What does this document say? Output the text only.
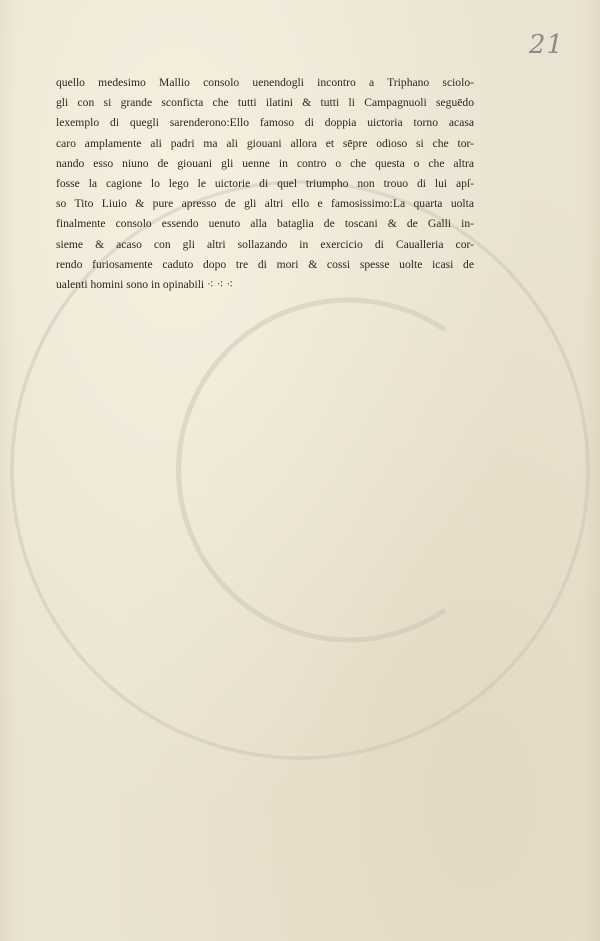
21
quello medesimo Mallio consolo uenendogli incontro a Triphano sciolo-
gli con si grande sconficta che tutti ilatini & tutti li Campagnuoli seguēdo
lexemplo di quegli sarenderono:Ello famoso di doppia uictoria torno acasa
caro amplamente ali padri ma ali giouani allora et sēpre odioso si che tor-
nando esso niuno de giouani gli uenne in contro o che questa o che altra
fosse la cagione lo lego le uictorie di quel triumpho non trouo di lui apſ-
so Tito Liuio & pure apresso de gli altri ello e famosissimo:La quarta uolta
finalmente consolo essendo uenuto alla bataglia de toscani & de Galli in-
sieme & acaso con gli altri sollazando in exercicio di Caualleria cor-
rendo furiosamente caduto dopo tre di mori & cossi spesse uolte icasi de
ualenti homini sono in opinabili ⁖ ⁖ ⁖
